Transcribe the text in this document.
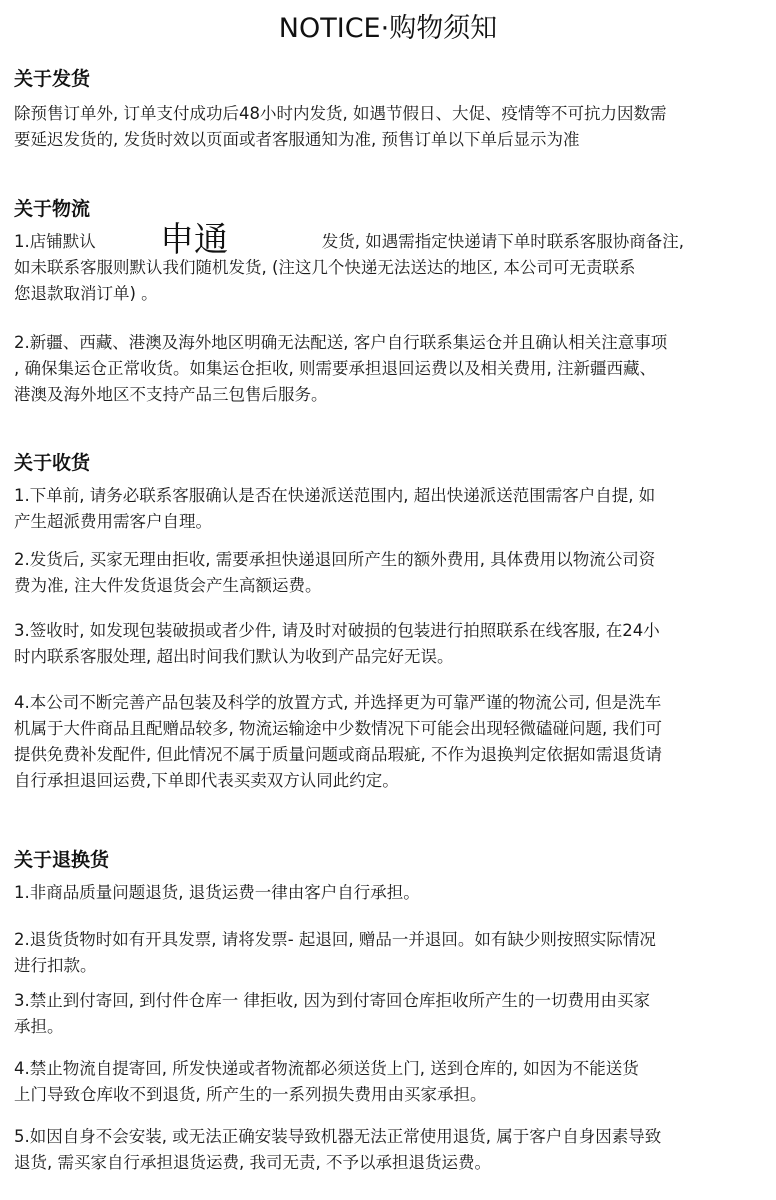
NOTICE·购物须知
关于发货
除预售订单外, 订单支付成功后48小时内发货, 如遇节假日、大促、疫情等不可抗力因数需
要延迟发货的, 发货时效以页面或者客服通知为准, 预售订单以下单后显示为准
关于物流
1.店铺默认	发货, 如遇需指定快递请下单时联系客服协商备注,
如未联系客服则默认我们随机发货, (注这几个快递无法送达的地区, 本公司可无责联系
您退款取消订单) 。
申通
2.新疆、西藏、港澳及海外地区明确无法配送, 客户自行联系集运仓并且确认相关注意事项
, 确保集运仓正常收货。如集运仓拒收, 则需要承担退回运费以及相关费用, 注新疆西藏、
港澳及海外地区不支持产品三包售后服务。
关于收货
1.下单前, 请务必联系客服确认是否在快递派送范围内, 超出快递派送范围需客户自提, 如
产生超派费用需客户自理。
2.发货后, 买家无理由拒收, 需要承担快递退回所产生的额外费用, 具体费用以物流公司资
费为准, 注大件发货退货会产生高额运费。
3.签收时, 如发现包装破损或者少件, 请及时对破损的包装进行拍照联系在线客服, 在24小
时内联系客服处理, 超出时间我们默认为收到产品完好无误。
4.本公司不断完善产品包装及科学的放置方式, 并选择更为可靠严谨的物流公司, 但是洗车
机属于大件商品且配赠品较多, 物流运输途中少数情况下可能会出现轻微磕碰问题, 我们可
提供免费补发配件, 但此情况不属于质量问题或商品瑕疵, 不作为退换判定依据如需退货请
自行承担退回运费,下单即代表买卖双方认同此约定。
关于退换货
1.非商品质量问题退货, 退货运费一律由客户自行承担。
2.退货货物时如有开具发票, 请将发票- 起退回, 赠品一并退回。如有缺少则按照实际情况
进行扣款。
3.禁止到付寄回, 到付件仓库一 律拒收, 因为到付寄回仓库拒收所产生的一切费用由买家
承担。
4.禁止物流自提寄回, 所发快递或者物流都必须送货上门, 送到仓库的, 如因为不能送货
上门导致仓库收不到退货, 所产生的一系列损失费用由买家承担。
5.如因自身不会安装, 或无法正确安装导致机器无法正常使用退货, 属于客户自身因素导致
退货, 需买家自行承担退货运费, 我司无责, 不予以承担退货运费。
